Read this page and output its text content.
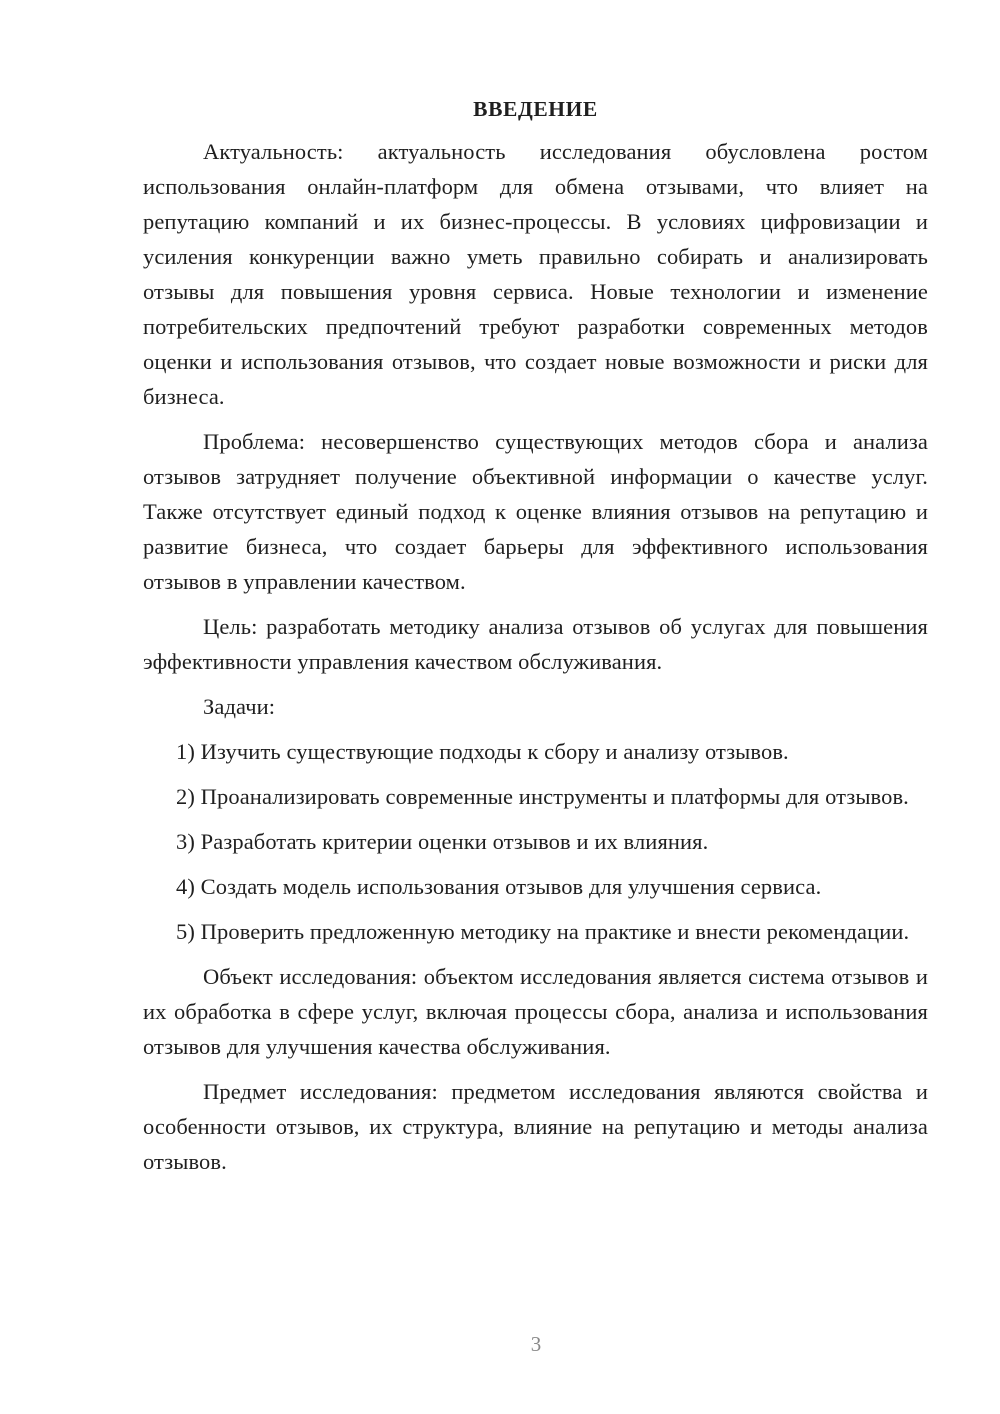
ВВЕДЕНИЕ

Актуальность: актуальность исследования обусловлена ростом использования онлайн-платформ для обмена отзывами, что влияет на репутацию компаний и их бизнес-процессы. В условиях цифровизации и усиления конкуренции важно уметь правильно собирать и анализировать отзывы для повышения уровня сервиса. Новые технологии и изменение потребительских предпочтений требуют разработки современных методов оценки и использования отзывов, что создает новые возможности и риски для бизнеса.

Проблема: несовершенство существующих методов сбора и анализа отзывов затрудняет получение объективной информации о качестве услуг. Также отсутствует единый подход к оценке влияния отзывов на репутацию и развитие бизнеса, что создает барьеры для эффективного использования отзывов в управлении качеством.

Цель: разработать методику анализа отзывов об услугах для повышения эффективности управления качеством обслуживания.

Задачи:

1) Изучить существующие подходы к сбору и анализу отзывов.

2) Проанализировать современные инструменты и платформы для отзывов.

3) Разработать критерии оценки отзывов и их влияния.

4) Создать модель использования отзывов для улучшения сервиса.

5) Проверить предложенную методику на практике и внести рекомендации.

Объект исследования: объектом исследования является система отзывов и их обработка в сфере услуг, включая процессы сбора, анализа и использования отзывов для улучшения качества обслуживания.

Предмет исследования: предметом исследования являются свойства и особенности отзывов, их структура, влияние на репутацию и методы анализа отзывов.

3
